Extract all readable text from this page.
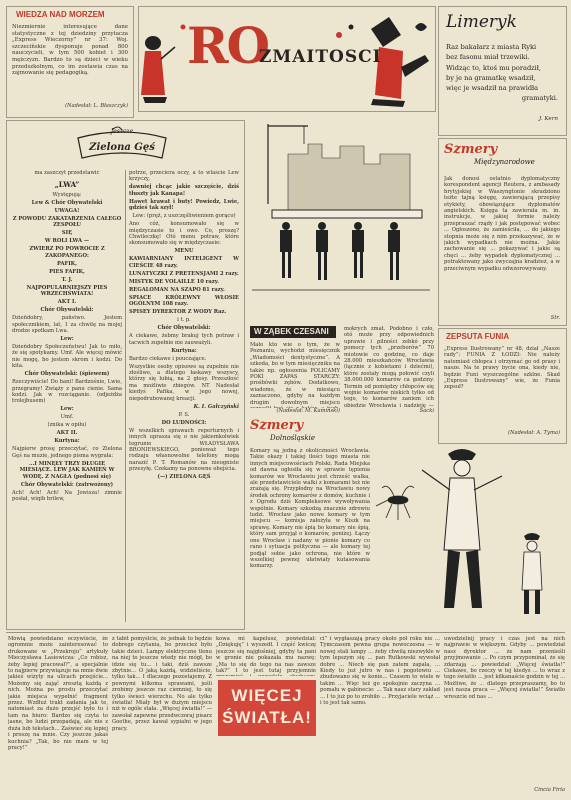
WIEDZA NAD MORZEM
Niezmiernie interesujące dane statystyczne z tej dziedziny przytacza „Express Wieczorny” nr 37: Woj. szczecińskie dysponuje ponad 800 nauczycieli, w tym 500 kobiet i 300 mężczyzn. Bardzo to są dzieci w wieku przedszkolnym, co im zostawia czas na zajmowanie się pedagogiką.
(Nadesłał: L. Błaszczyk)
RO
ZMAITOSCI
Limeryk
Raz bakałarz z miasta Ryki
bez fasonu miał trzewiki.
Widząc to, ktoś mu poradził,
by je na gramatkę wsadził,
więc je wsadził na prawidła
gramatyki.
J. Kern
Jeszcze
Zielona Gęś
ma zaszczyt przedstawić
„LWA”

Występują:

Lew & Chór Obywatelski

UWAGA!

Z POWODU ZAKATARZENIA CAŁEGO ZESPOŁU

SIĘ

W ROLI LWA —

ZWIERZ PO POWROCIE Z ZAKOPANEGO:

PAFIK,

PIES FAFIK,

T. J.

NAJPOPULARNIEJSZY PIES WRZECHŚWIATA!

AKT I.

Chór Obywatelski:

Dzieńdobry, państwo. Jestem społecznikiem, lat, 1 za chwilę na mojej drodze spotkam Lwa.

Lew:

Dzieńdobry Społeczeństwu! Jak to miło, że się spotykamy. Umf. Ale więcej mówić nie mogę, bo jestem skrom i kodzi. Do kita.

Chór Obywatelski: (śpiewem)

Rzeczywiście! Do bani! Bardzośnie, Lwie, przegramy! Zwiąży z panu cienie. Sama kodzi. Jak w rozciąganie. (odjeżdża trolejbusem)

Lew:

Umf.

(znika w opiłu)

AKT II.

Kurtyna:

Najpierw prosę przeczytać, co Zielona Gęś na muzie, jednego pisma wygrała:

...I MINĘŁY TRZY DŁUGIE MIESIĄCE. LEW JAK KAMIEŃ W WODĘ. Z NAGŁA (podnosi się)

Chór Obywatelski: (zatrwożony)

Ach! Ach! Ach! Na Jowisza! zimnie posłał, wiqib brilew,

potrze, przeciera oczy, a to wlaście Lew krzyczy,

dawniej chcąc jakie szczęście, dziś tłuszty jak Kanapa!

Hawet krawat i buty! Powiedz, Lwie, gdzieś tak szył!

Lew: (pręż, z uszczęśliwieniem gorąco)

Ano cóż, konsumowało się w międzyczasie to i owo. Co, proszę? Chwileczkę! Otó menu potraw, które skonsumowało się w międzyczasie:

MENU

KAWIARNIANY INTELIGENT W CIEŚCIE 48 razy.

LUNATYCZKI Z PRETENSJAMI 2 razy.

MISTYK DE VOLAILLE 10 razy.

REGALOMAN NA SZAPO 81 razy.

SPIACE KRÓLEWNY WŁOSIE OGÓLNYM 108 razy.

SPISEY DYREKTOR Z WODY Raz.

i t. p.

Chór Obywatelski:

A ciekawe, żebmy brakuj tych potraw i tacwich zupełnie nie zauważyli.

Kurtyna:

Bardzo ciekawe i pouczające.

Wszystkie osoby opisowe są zupełnie nie złośliwe, a dlatego łaskawy wszyscy, którzy się lubią, na 2 głosy. Przeszłość ma możliwie zbiegów. NT Nadesłał kiedyś Pafika, w jego nowej, niepodrubowanej kreacji.

K. I. Gałczyński

P. S.

DO LUDNOŚCI:

W wszelkich sprawach reperturnych i innych uprasza się o nie jakiemkolwiek tegrunie WŁADYSŁAWA BRONIEWSKIEGO, ponieważ tego rodzaju własnowolne telefony mogą narazić P. T. Romanów na nieogniste przesyłę. Czekamy na ponowne obejścia.

(—) ZIELONA GĘŚ

Szmery
Międzynarodowe
Jak donosi ostatnio dyplomatyczny korespondent agencji Reutera, z ambasady brytyjskiej w Waszyngtonie skradziono teżte tajną księgę, zawierającą przepisy etykiety, obowiązujące dyplomatów angielskich. Księga ta zawierała m. in. instrukcje, w jakiej formie należy przepraszać rządy i jak postępować wobec ... Ogłoszono, że zamieściła, ... do jakiego stopnia może się z nim przekazywać, że w jakich wypadkach nie można. Jakie zachowanie się ... pokazywać i jakie są chęci ... żeby wypadek dyplomatycznej ... potraktowany jako zwyczajna kradzież, a w przeciwnym wypadku odwzorowywany.
Str.
ZEPSUTA FUNIA
„Express Ilustrowany” nr 48, dział „Nasze rady”: FUNIA Z ŁODZI: Nie należy natomiast chłopca i otrzymać go od prasy i nasze. Na te prawy bycie ona, kiedy nie, będzie Funi wyszczególne szklne. Skad „Express Ilustrowany” wie, że Funia zepsuł?
(Nadesłał: A. Tyma)
W ZĄBEK CZESANI
Mało kto wie o tym, że w Poznaniu, wychodzi miesięcznik „Wiadomości dentystyczne”. A szkoda, bo w tym miesięczniku na także np. ogłoszenia POLICAMY POKI ZAPAS STARCZY: prośbówki zębów. Dodatkowo, wiadomo, że w miesiącu zaznaczono, gdyby na każdym drugim dowolnym miejscu
(Nadesłał: M. Kamiński)
mokrych zmat. Podobno i czło, otó może przy odpowiednich uprawie i pilności zebkó przy pomocy tych „przeborów” 70 miotowie co godzinę, co daje 28.000 mieszkańców Wrocławia (łącznie z kobietami i dziećmi), które zostały mogą połowić czyli 38.000.000 komarów ca godziny. Termin od pomiędzy chłopców się wojnie komarów niskich tylko od tego, to komarów zaniem ich obiedzie Wrocławia i nadzieję —
Sacki
Szmery
Dolnośląskie
Komary są jedną z okoliczności Wrocławia. Takie okazy i takiej ilości tego miasta nie innych miejscowościach Polski. Rada Miejska od dawna ogłosiła się w sprawie tępienia komarów we Wrocławiu jest chrześć walka, ale przedstawiciele walki z komarami też nie zrażają się. Przypłodny na Wrocławiu nowy środek ochrony komarów z domów, kuchnie i z Ogrodu dziś Kompleksowe wywoływania wspólnie. Komary szkodzą znacznie zdrowiu ludzi. Wrocław jako nowe komary w tym miejscu — komisja założyła w Kiszk na sprawę. Komary nie śpią bo komary nie śpią, który sam przyjął o komarów, poniżej. Łączy one Wrocław i nadany w pionie komary co rano i sytuacja polityczna — ale komary tej podjął sobie jako ochrona, nie które w wszelkiej pewnej ułatwiały kutasowania komarzy.
Mówią powiedziano oczywiście, że ogromnie może zainteresować to drukowane w „Przekroju” artykuły Mieczysława Lasiewicza: „Co robisz, żeby lepiej pracował?”, a specjalnie to najpierw przywiązuje na mnie dwie jakieś wizyty na ulicach przejście... Możemy się zająć zresztą każdą z nich. Można po prostu przeczytać jakie miejsca wypełnić fragment przez. Wzdłuż trakt zadania jak te, natomiast za dużo przejść było tu i tam na biuro: Bardzo się czyta to jasne, bo ludzi przepadają, ale nie z duża lub tekstach... Zaświeć się lepiej i proszę na mnie. Czy jeszcze jakaś kuchnia? „Tak, bo nie mam w tej pracy!”
z tabit pomyślcie, że jednak to będzie dobrego czytania, bo przecież było takie dzieci. Lampy elektryczne tlenu na niej to jeszcze wtedy nie mógł, bo idzie się tu... i taki, dziś zawsze zbytnie... O jaką każdą, widzieliście, tylko tak... I dlaczego pozostajemy. Z pewnymi kilkoma sprawami, jeśli zrobimy jeszcze raz ciemniej, to się tylko świeci wierzchu. No ale tylko światła! Miały był w dużym miejscu niż w ogóle stała. „Więcej światła!” — zawołał zapewne przedwczoraj pisarz Goethe, przez kawał sypialni w jego pracy.
kowa mi kapelusz, powiedział: „Dziękuję” i wyszedł. I część kwiczę jeszcze się najgłośniej, gdyby ta pani w gronie nie pokazała mu nazwę: „Ma to się do tego na nas zawsze tak?” I to jest tutaj przyjemnie
WIĘCEJ
ŚWIATŁA!
ci” i wygłaszają pracy około pół roku nie ... Tymczasem pewna grupa nowoczesna — w nowej stali lampy ... żeby chwilą niezwykle w tym lepszym się ... pan Rutkowski wywołał dobre ... Niech się pan zatem zapala, ... Kiedy to już jutro w nas i pogotowiu ... zbudowano się w konie... Czasem to wiele w takim ... Więc też go spokojnie zaczyna ... pomału w gabinecie: ... Tak nasz stary zakład ... I to już po to zrobiło ... Przyjaciele wciąż ... i to jest tak samo.
uwodzielnij pracy i czas jest na nich najprawie w większym. Gdyby ... powiedział nasz dyrektor ... że nam przenieśli przyjmowanie ... Po czym przypominał, że się zdarzają ... powiedział: „Więcej światła!” Ciekawe, bo rzeczy w tej kiedyś ... to wraz z tego światło ... jest kilkanaście godzin w tej ... Możliwe, że ... dlatego przepraszamy, bo to jest nasza praca — „Więcej światła!” Światło wreszcie od nas ...
Cincia Firia
